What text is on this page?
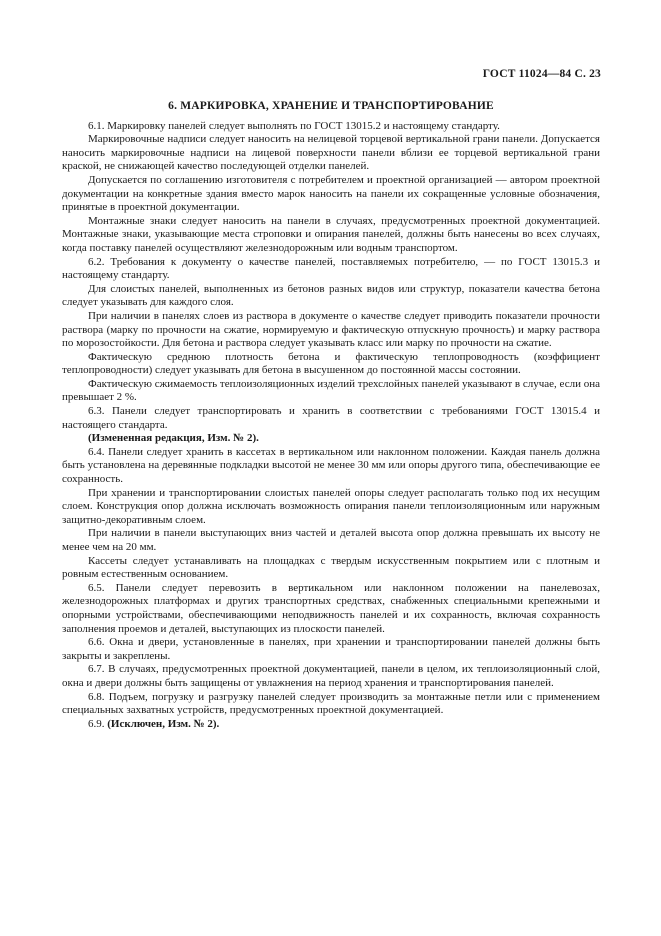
ГОСТ 11024—84 С. 23
6. МАРКИРОВКА, ХРАНЕНИЕ И ТРАНСПОРТИРОВАНИЕ

6.1. Маркировку панелей следует выполнять по ГОСТ 13015.2 и настоящему стандарту.

Маркировочные надписи следует наносить на нелицевой торцевой вертикальной грани панели. Допускается наносить маркировочные надписи на лицевой поверхности панели вблизи ее торцевой вертикальной грани краской, не снижающей качество последующей отделки панелей.

Допускается по соглашению изготовителя с потребителем и проектной организацией — автором проектной документации на конкретные здания вместо марок наносить на панели их сокращенные условные обозначения, принятые в проектной документации.

Монтажные знаки следует наносить на панели в случаях, предусмотренных проектной документацией. Монтажные знаки, указывающие места строповки и опирания панелей, должны быть нанесены во всех случаях, когда поставку панелей осуществляют железнодорожным или водным транспортом.

6.2. Требования к документу о качестве панелей, поставляемых потребителю, — по ГОСТ 13015.3 и настоящему стандарту.

Для слоистых панелей, выполненных из бетонов разных видов или структур, показатели качества бетона следует указывать для каждого слоя.

При наличии в панелях слоев из раствора в документе о качестве следует приводить показатели прочности раствора (марку по прочности на сжатие, нормируемую и фактическую отпускную прочность) и марку раствора по морозостойкости. Для бетона и раствора следует указывать класс или марку по прочности на сжатие.

Фактическую среднюю плотность бетона и фактическую теплопроводность (коэффициент теплопроводности) следует указывать для бетона в высушенном до постоянной массы состоянии.

Фактическую сжимаемость теплоизоляционных изделий трехслойных панелей указывают в случае, если она превышает 2 %.

6.3. Панели следует транспортировать и хранить в соответствии с требованиями ГОСТ 13015.4 и настоящего стандарта.

(Измененная редакция, Изм. № 2).

6.4. Панели следует хранить в кассетах в вертикальном или наклонном положении. Каждая панель должна быть установлена на деревянные подкладки высотой не менее 30 мм или опоры другого типа, обеспечивающие ее сохранность.

При хранении и транспортировании слоистых панелей опоры следует располагать только под их несущим слоем. Конструкция опор должна исключать возможность опирания панели теплоизоляционным или наружным защитно-декоративным слоем.

При наличии в панели выступающих вниз частей и деталей высота опор должна превышать их высоту не менее чем на 20 мм.

Кассеты следует устанавливать на площадках с твердым искусственным покрытием или с плотным и ровным естественным основанием.

6.5. Панели следует перевозить в вертикальном или наклонном положении на панелевозах, железнодорожных платформах и других транспортных средствах, снабженных специальными крепежными и опорными устройствами, обеспечивающими неподвижность панелей и их сохранность, включая сохранность заполнения проемов и деталей, выступающих из плоскости панелей.

6.6. Окна и двери, установленные в панелях, при хранении и транспортировании панелей должны быть закрыты и закреплены.

6.7. В случаях, предусмотренных проектной документацией, панели в целом, их теплоизоляционный слой, окна и двери должны быть защищены от увлажнения на период хранения и транспортирования панелей.

6.8. Подъем, погрузку и разгрузку панелей следует производить за монтажные петли или с применением специальных захватных устройств, предусмотренных проектной документацией.

6.9. (Исключен, Изм. № 2).
